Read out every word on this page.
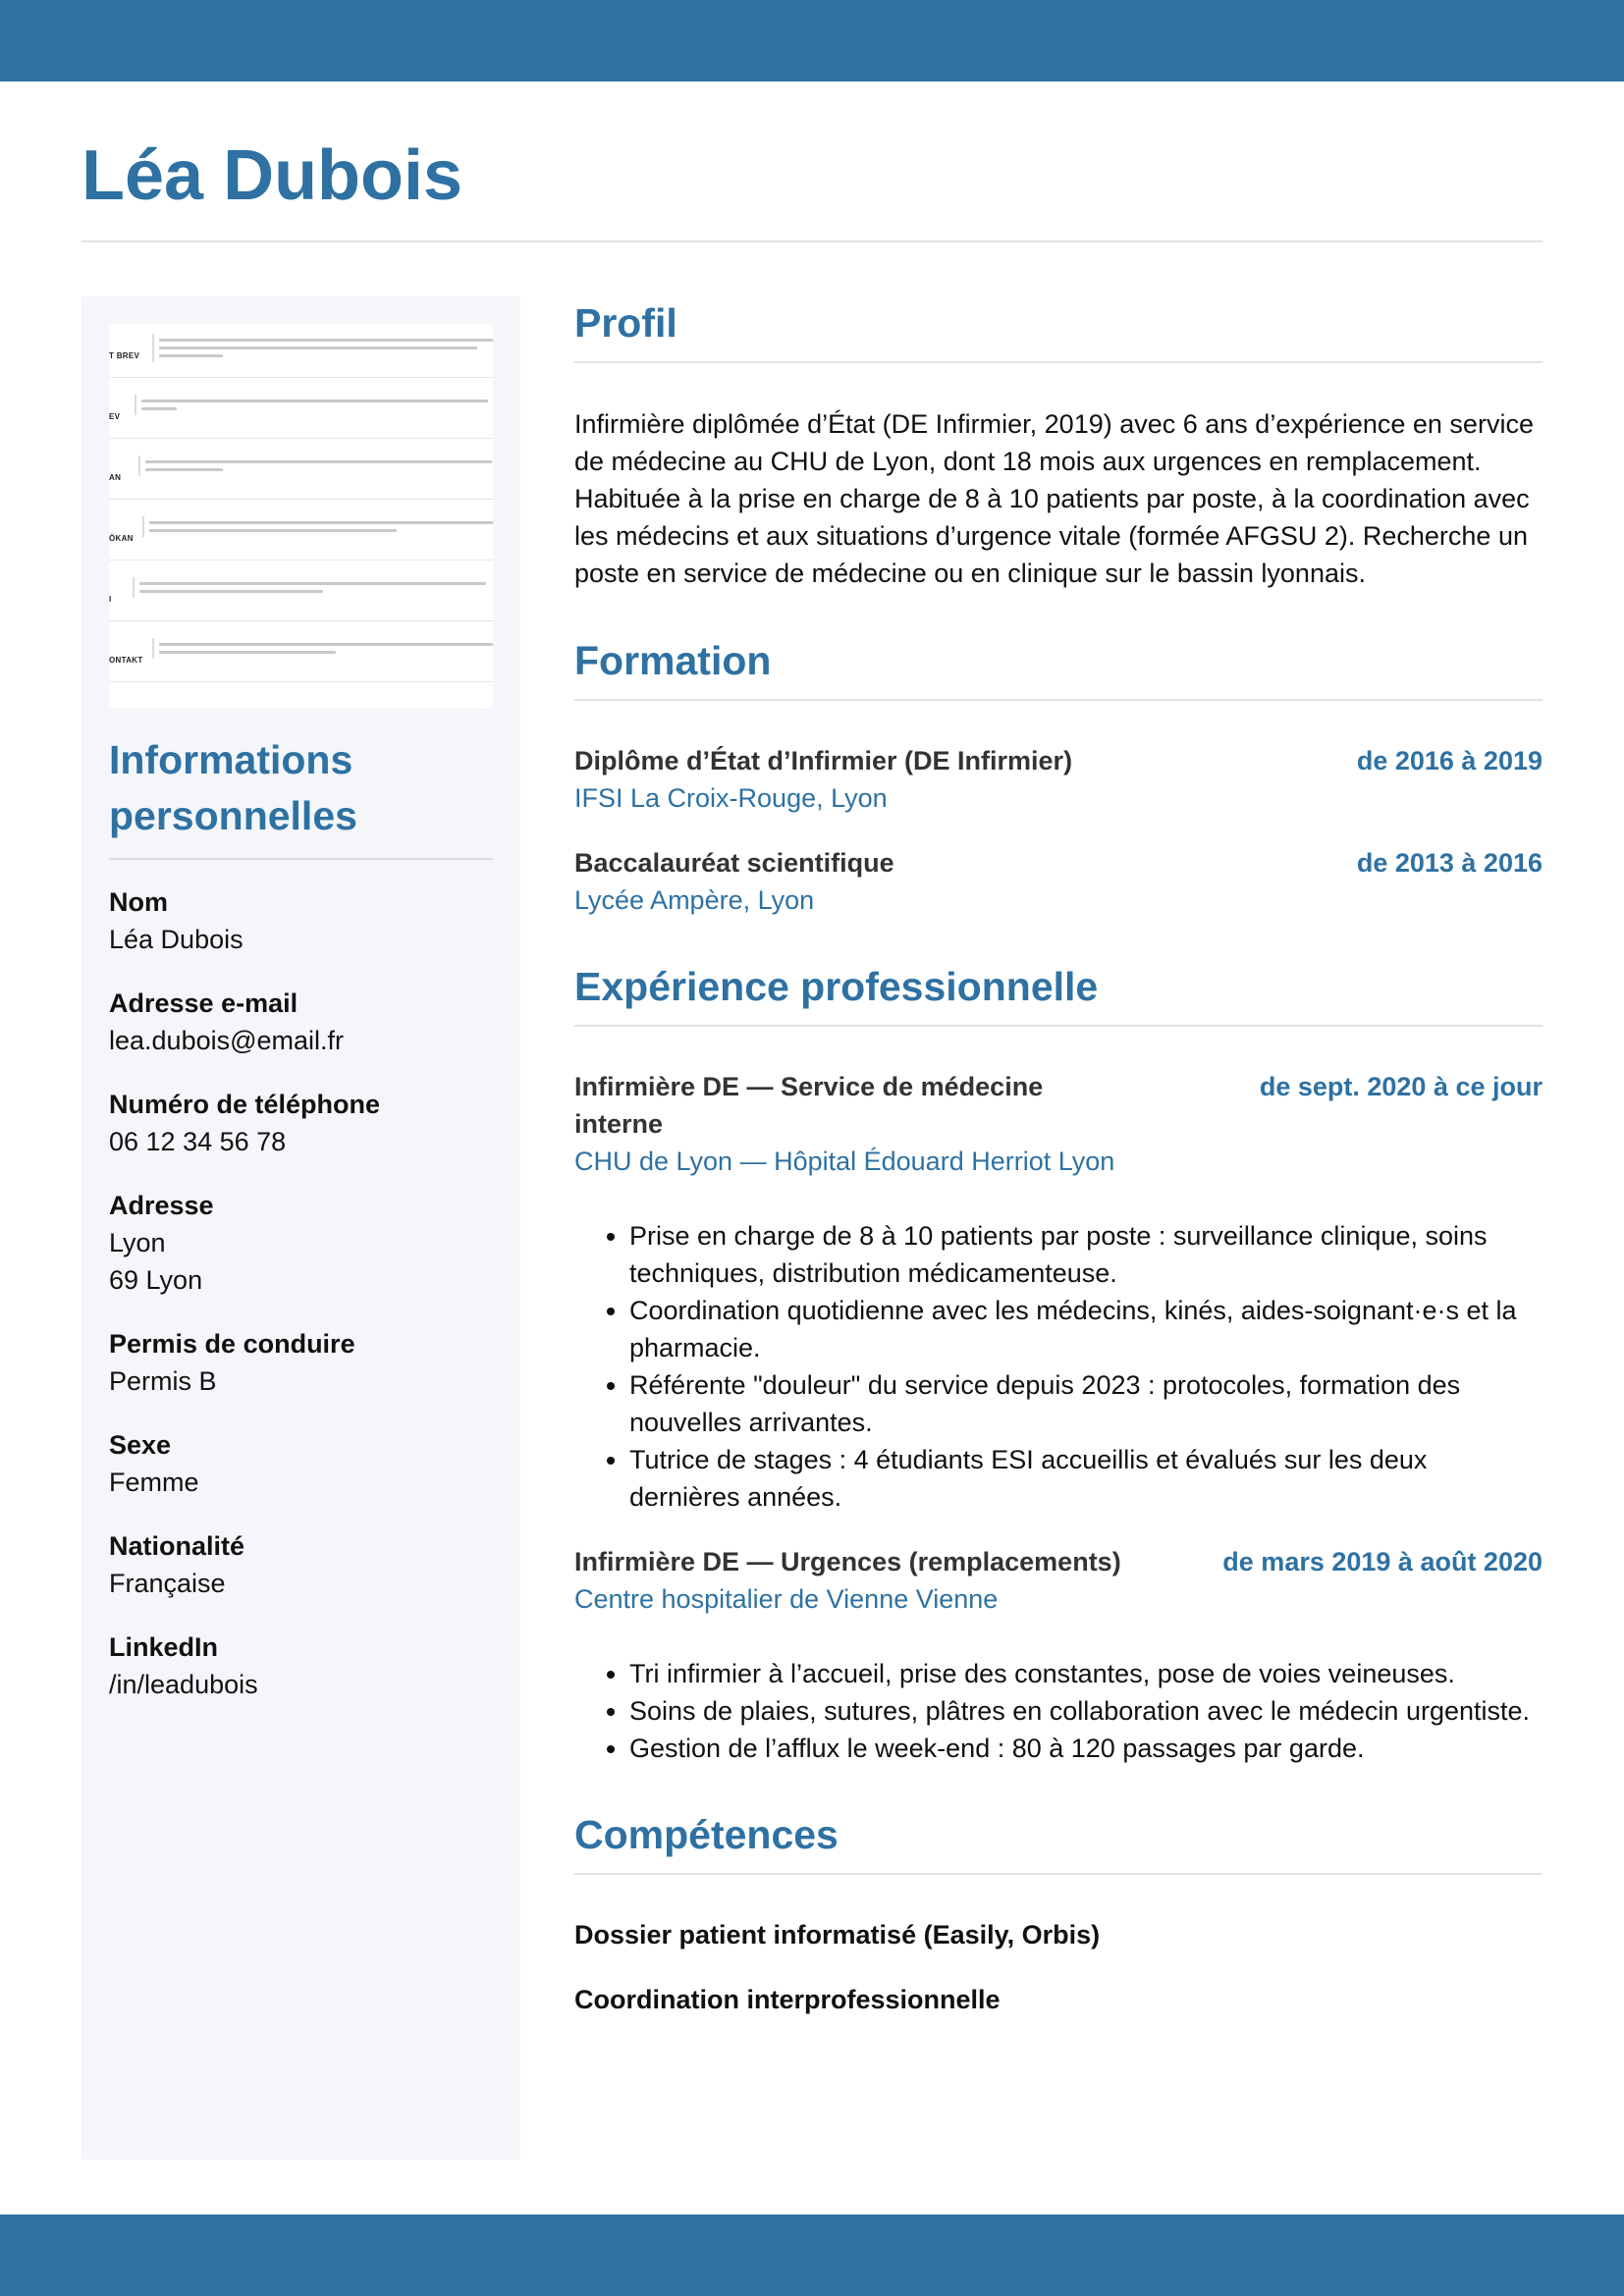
Léa Dubois
T BREV
EV
AN
ÖKAN
I
ONTAKT
Informations personnelles
Nom
Léa Dubois
Adresse e-mail
lea.dubois@email.fr
Numéro de téléphone
06 12 34 56 78
Adresse
Lyon
69 Lyon
Permis de conduire
Permis B
Sexe
Femme
Nationalité
Française
LinkedIn
/in/leadubois
Profil

Infirmière diplômée d’État (DE Infirmier, 2019) avec 6 ans d’expérience en service de médecine au CHU de Lyon, dont 18 mois aux urgences en remplacement. Habituée à la prise en charge de 8 à 10 patients par poste, à la coordination avec les médecins et aux situations d’urgence vitale (formée AFGSU 2). Recherche un poste en service de médecine ou en clinique sur le bassin lyonnais.

Formation
Diplôme d’État d’Infirmier (DE Infirmier)	de 2016 à 2019
IFSI La Croix-Rouge, Lyon
Baccalauréat scientifique	de 2013 à 2016
Lycée Ampère, Lyon
Expérience professionnelle
Infirmière DE — Service de médecine interne
de sept. 2020 à ce jour
CHU de Lyon — Hôpital Édouard Herriot Lyon
• Prise en charge de 8 à 10 patients par poste : surveillance clinique, soins techniques, distribution médicamenteuse.
• Coordination quotidienne avec les médecins, kinés, aides-soignant·e·s et la pharmacie.
• Référente "douleur" du service depuis 2023 : protocoles, formation des nouvelles arrivantes.
• Tutrice de stages : 4 étudiants ESI accueillis et évalués sur les deux dernières années.
Infirmière DE — Urgences (remplacements)	de mars 2019 à août 2020
Centre hospitalier de Vienne Vienne
• Tri infirmier à l’accueil, prise des constantes, pose de voies veineuses.
• Soins de plaies, sutures, plâtres en collaboration avec le médecin urgentiste.
• Gestion de l’afflux le week-end : 80 à 120 passages par garde.
Compétences
Dossier patient informatisé (Easily, Orbis)
Coordination interprofessionnelle
